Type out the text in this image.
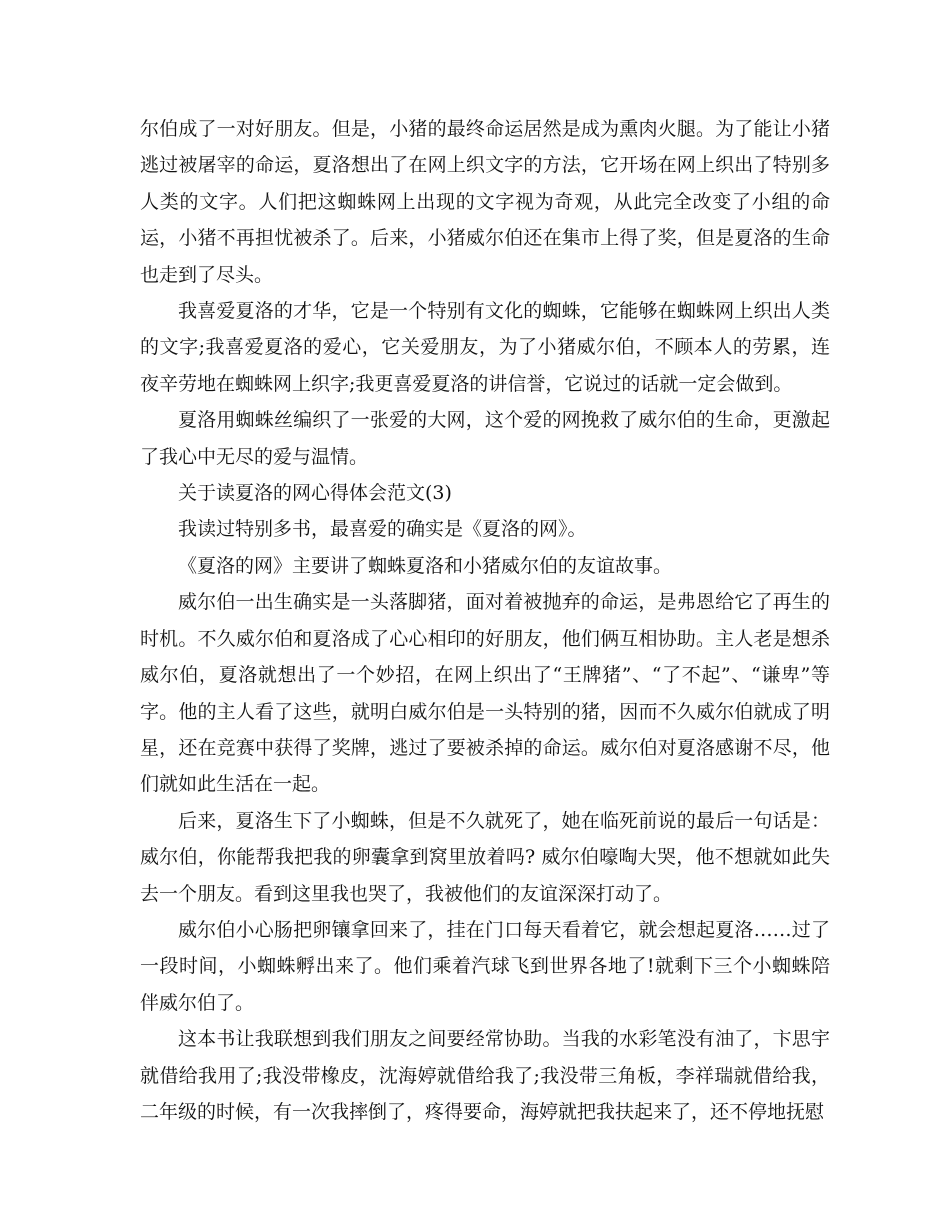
尔伯成了一对好朋友。但是，小猪的最终命运居然是成为熏肉火腿。为了能让小猪逃过被屠宰的命运，夏洛想出了在网上织文字的方法，它开场在网上织出了特别多人类的文字。人们把这蜘蛛网上出现的文字视为奇观，从此完全改变了小组的命运，小猪不再担忧被杀了。后来，小猪威尔伯还在集市上得了奖，但是夏洛的生命也走到了尽头。

我喜爱夏洛的才华，它是一个特别有文化的蜘蛛，它能够在蜘蛛网上织出人类的文字;我喜爱夏洛的爱心，它关爱朋友，为了小猪威尔伯，不顾本人的劳累，连夜辛劳地在蜘蛛网上织字;我更喜爱夏洛的讲信誉，它说过的话就一定会做到。

夏洛用蜘蛛丝编织了一张爱的大网，这个爱的网挽救了威尔伯的生命，更激起了我心中无尽的爱与温情。

关于读夏洛的网心得体会范文(3)

我读过特别多书，最喜爱的确实是《夏洛的网》。

《夏洛的网》主要讲了蜘蛛夏洛和小猪威尔伯的友谊故事。

威尔伯一出生确实是一头落脚猪，面对着被抛弃的命运，是弗恩给它了再生的时机。不久威尔伯和夏洛成了心心相印的好朋友，他们俩互相协助。主人老是想杀威尔伯，夏洛就想出了一个妙招，在网上织出了“王牌猪”、“了不起”、“谦卑”等字。他的主人看了这些，就明白威尔伯是一头特别的猪，因而不久威尔伯就成了明星，还在竞赛中获得了奖牌，逃过了要被杀掉的命运。威尔伯对夏洛感谢不尽，他们就如此生活在一起。

后来，夏洛生下了小蜘蛛，但是不久就死了，她在临死前说的最后一句话是：威尔伯，你能帮我把我的卵囊拿到窝里放着吗? 威尔伯嚎啕大哭，他不想就如此失去一个朋友。看到这里我也哭了，我被他们的友谊深深打动了。

威尔伯小心肠把卵镶拿回来了，挂在门口每天看着它，就会想起夏洛……过了一段时间，小蜘蛛孵出来了。他们乘着汽球飞到世界各地了!就剩下三个小蜘蛛陪伴威尔伯了。

这本书让我联想到我们朋友之间要经常协助。当我的水彩笔没有油了，卞思宇就借给我用了;我没带橡皮，沈海婷就借给我了;我没带三角板，李祥瑞就借给我，二年级的时候，有一次我摔倒了，疼得要命，海婷就把我扶起来了，还不停地抚慰
